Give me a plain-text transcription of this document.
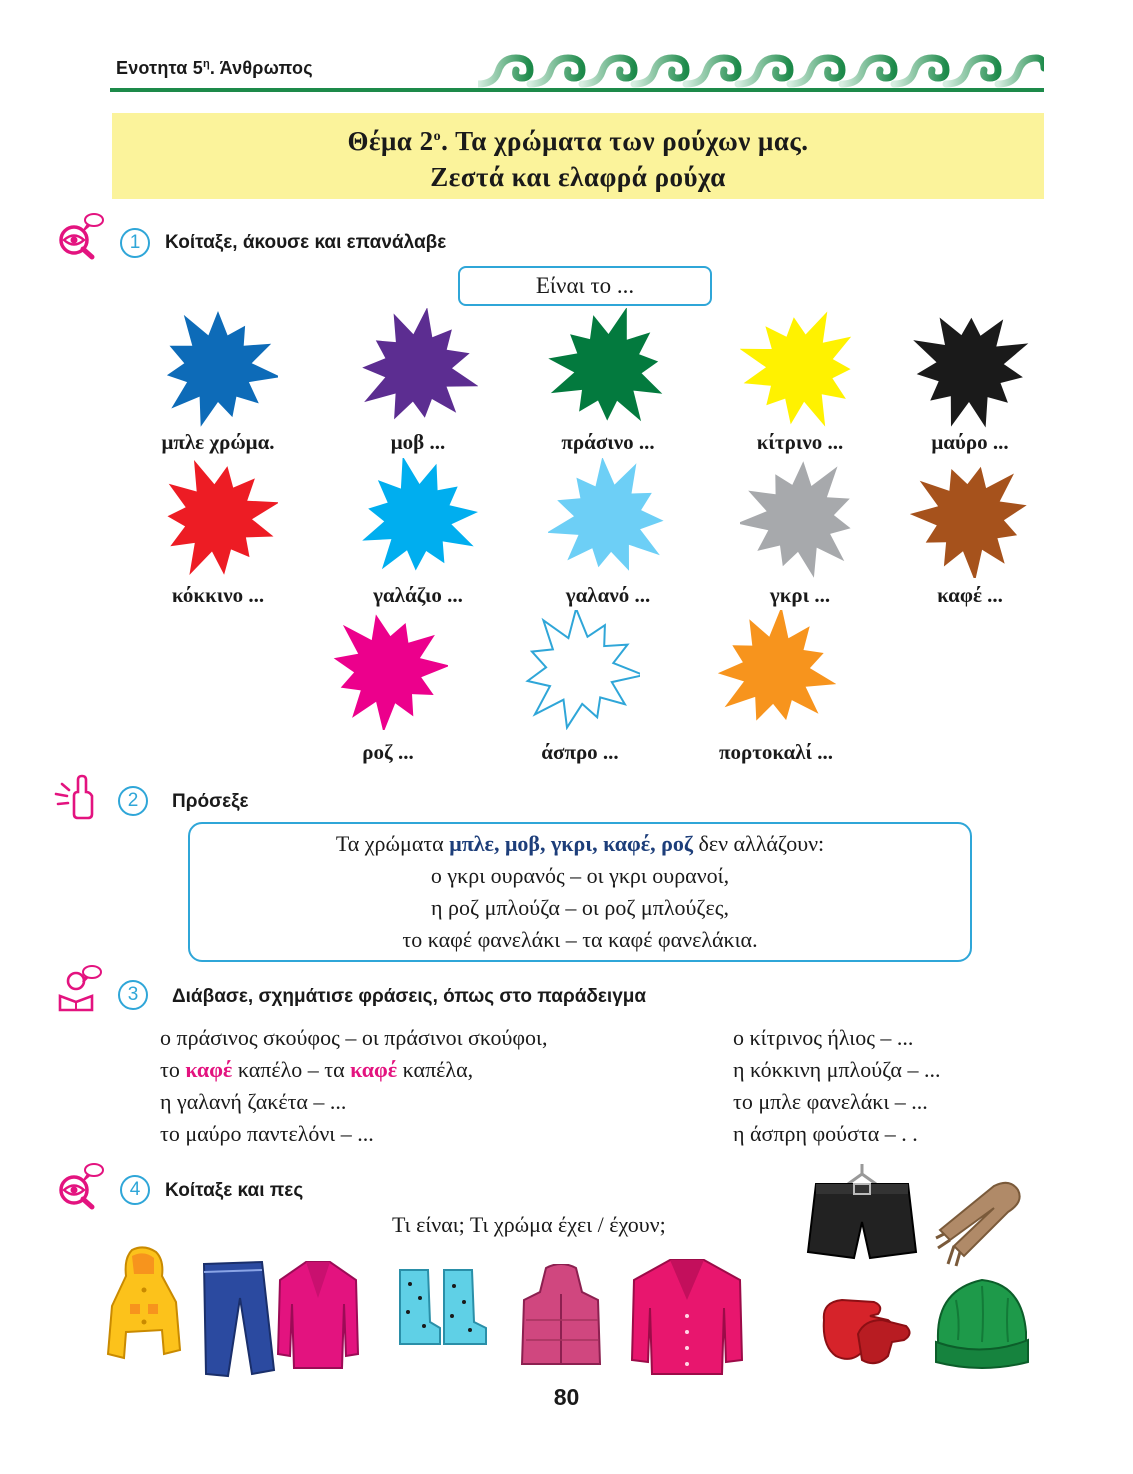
Ενοτητα $5^\eta$. Άνθρωπος
Θέμα $2^o$. Τα χρώματα των ρούχων μας.
Ζεστά και ελαφρά ρούχα
1	Κοίταξε, άκουσε και επανάλαβε
Είναι το ...
μπλε χρώμα.	μοβ ...	πράσινο ...	κίτρινο ...	μαύρο ...
κόκκινο ...	γαλάζιο ...	γαλανό ...	γκρι ...	καφέ ...
ροζ ...	άσπρο ...	πορτοκαλί ...
2	Πρόσεξε
Τα χρώματα μπλε, μοβ, γκρι, καφέ, ροζ δεν αλλάζουν:
ο γκρι ουρανός – οι γκρι ουρανοί,
η ροζ μπλούζα – οι ροζ μπλούζες,
το καφέ φανελάκι – τα καφέ φανελάκια.
3	Διάβασε, σχημάτισε φράσεις, όπως στο παράδειγμα
ο πράσινος σκούφος – οι πράσινοι σκούφοι,
το καφέ καπέλο – τα καφέ καπέλα,
η γαλανή ζακέτα – ...
το μαύρο παντελόνι – ...
ο κίτρινος ήλιος – ...
η κόκκινη μπλούζα – ...
το μπλε φανελάκι – ...
η άσπρη φούστα – . .
4	Κοίταξε και πες
Τι είναι; Τι χρώμα έχει / έχουν;
80
